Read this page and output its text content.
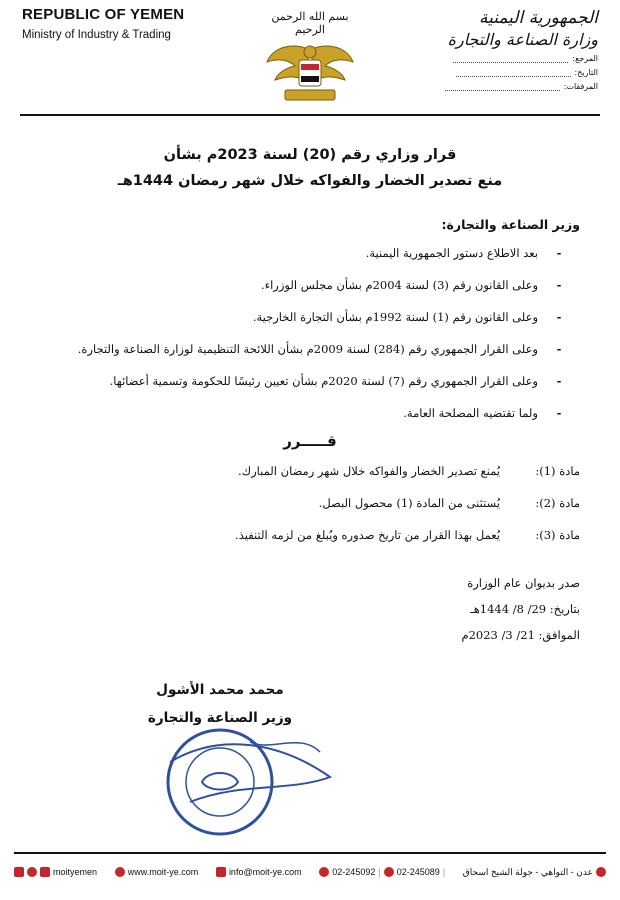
REPUBLIC OF YEMEN
Ministry of Industry & Trading
بسم الله الرحمن الرحيم
الجمهورية اليمنية
وزارة الصناعة والتجارة
المرجع:
التاريخ:
المرفقات:
قرار وزاري رقم (20) لسنة 2023م بشأن
منع تصدير الخضار والفواكه خلال شهر رمضان 1444هـ
وزير الصناعة والتجارة:
-
بعد الاطلاع دستور الجمهورية اليمنية.
-
وعلى القانون رقم (3) لسنة 2004م بشأن مجلس الوزراء.
-
وعلى القانون رقم (1) لسنة 1992م بشأن التجارة الخارجية.
-
وعلى القرار الجمهوري رقم (284) لسنة 2009م بشأن اللائحة التنظيمية لوزارة الصناعة والتجارة.
-
وعلى القرار الجمهوري رقم (7) لسنة 2020م بشأن تعيين رئيسًا للحكومة وتسمية أعضائها.
-
ولما تقتضيه المصلحة العامة.
قـــــرر
مادة (1):
يُمنع تصدير الخضار والفواكه خلال شهر رمضان المبارك.
مادة (2):
يُستثنى من المادة (1) محصول البصل.
مادة (3):
يُعمل بهذا القرار من تاريخ صدوره ويُبلغ من لزمه التنفيذ.
صدر بديوان عام الوزارة
بتاريخ: 29/ 8/ 1444هـ
الموافق: 21/ 3/ 2023م
محمد محمد الأشول
وزير الصناعة والتجارة
moityemen	www.moit-ye.com	info@moit-ye.com	02-245092 | 02-245089 | عدن - التواهي - جولة الشيخ اسحاق
